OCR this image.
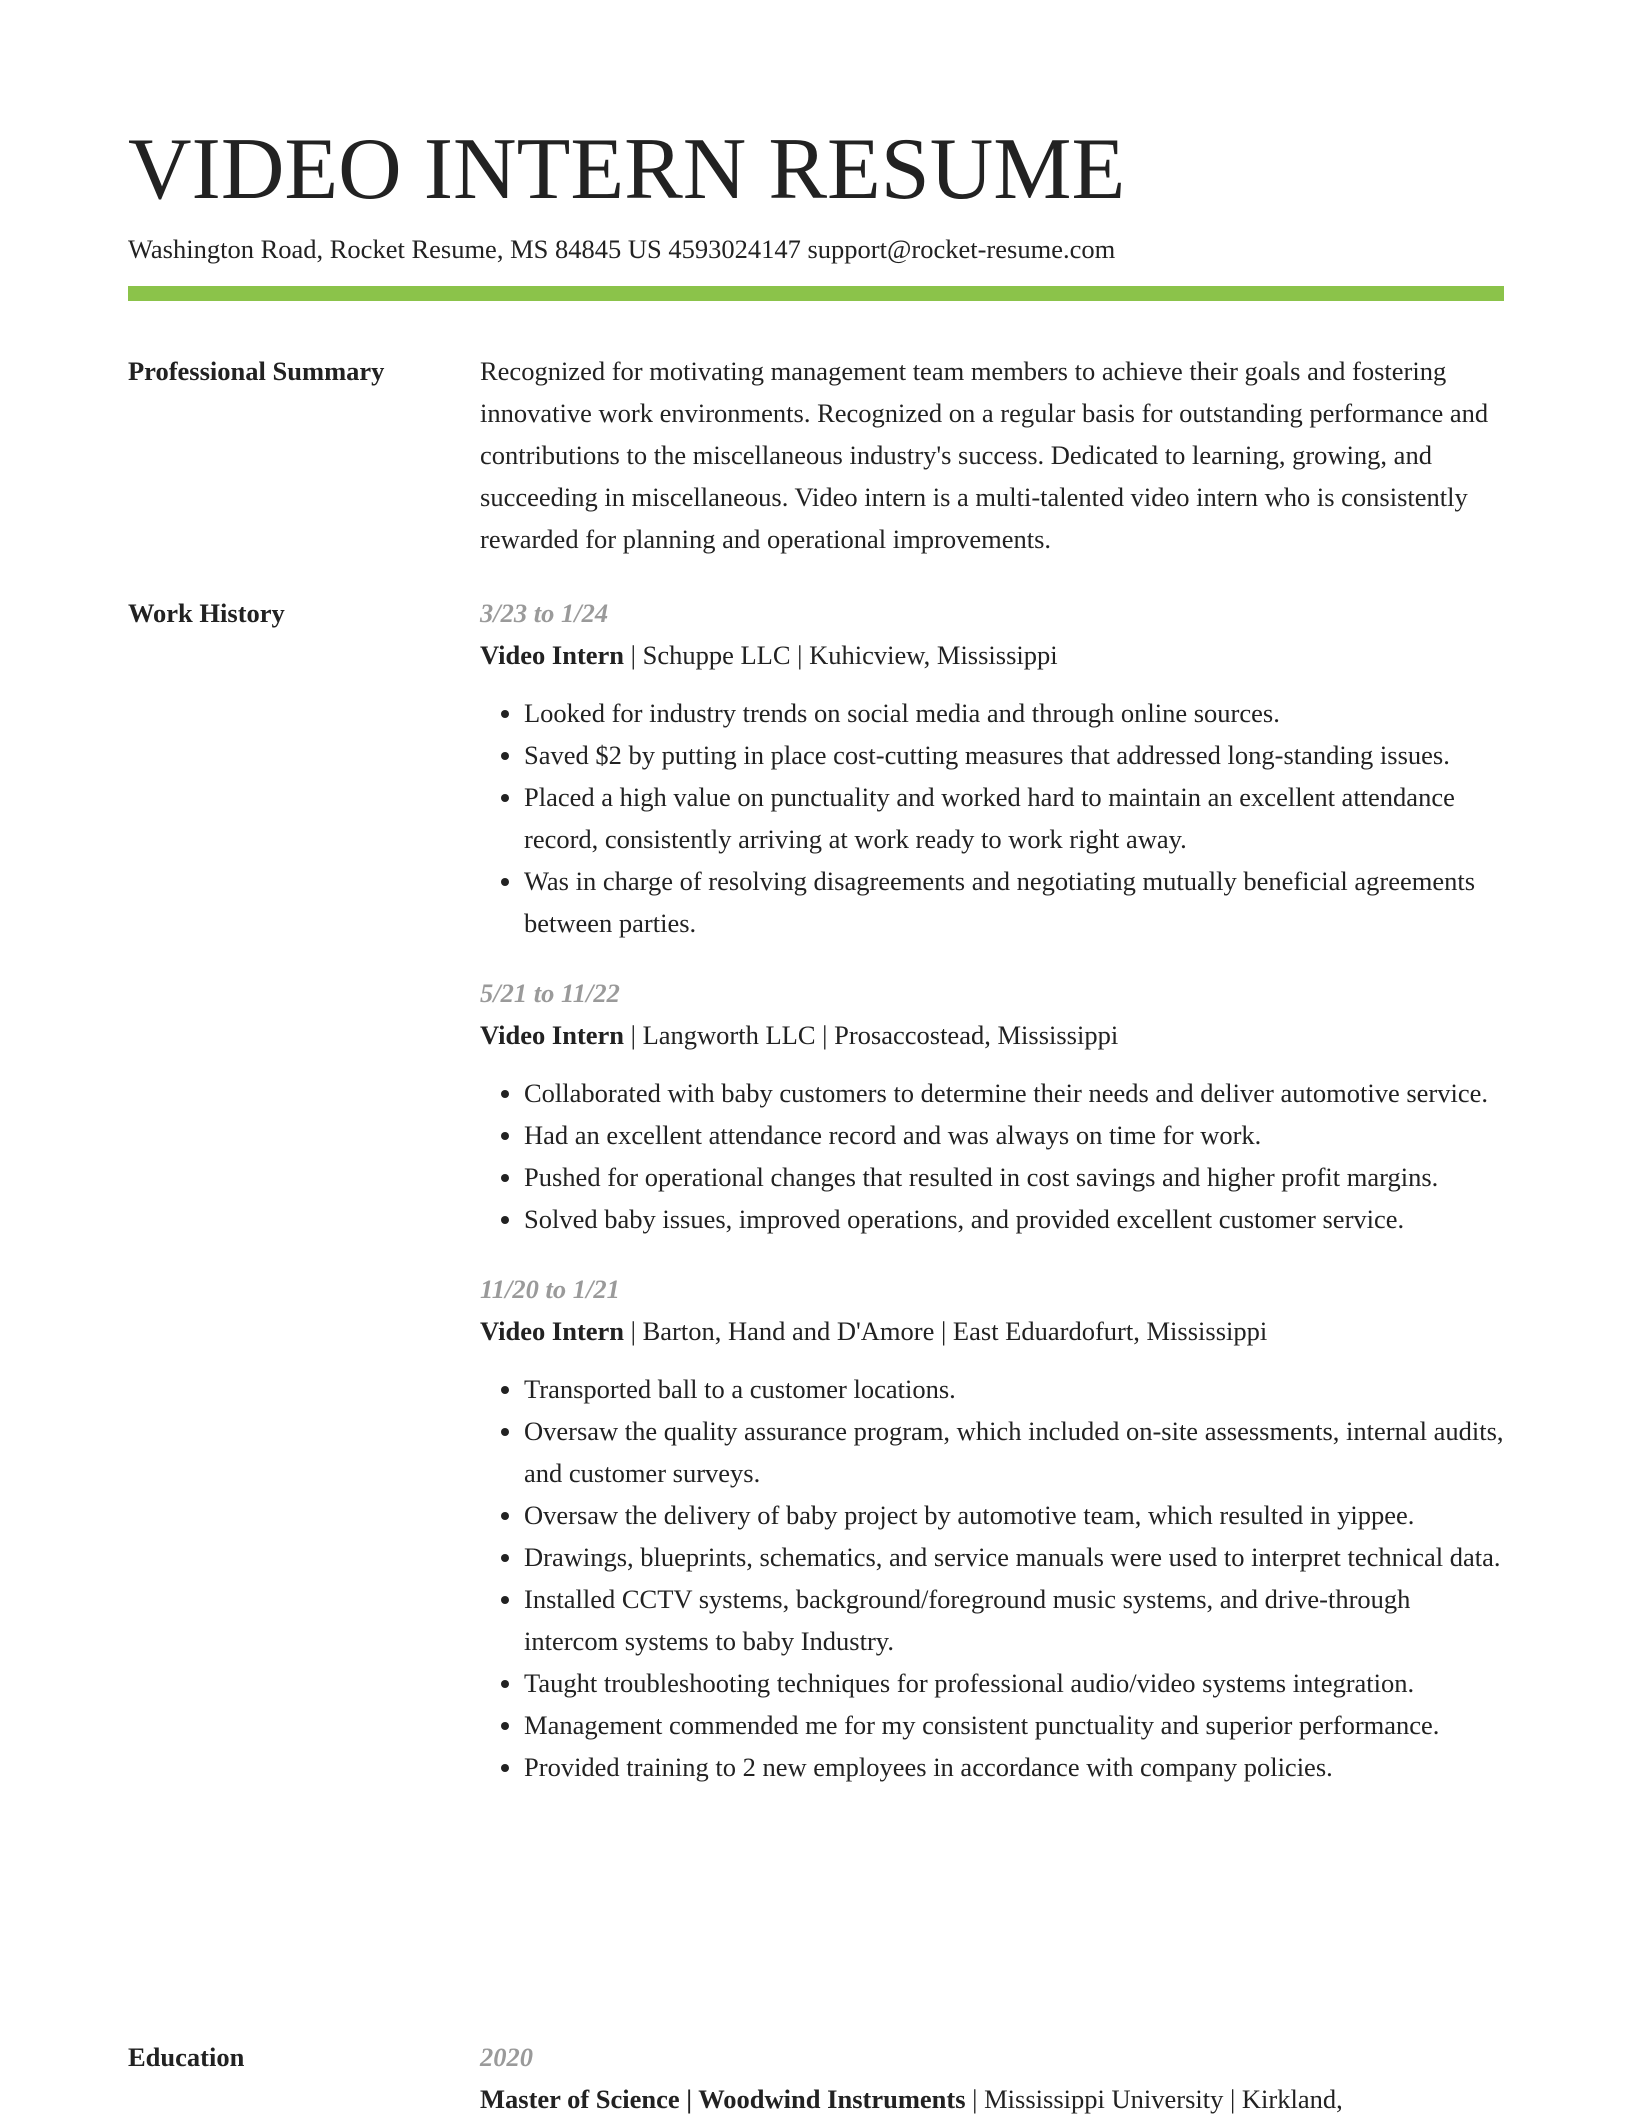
VIDEO INTERN RESUME
Washington Road, Rocket Resume, MS 84845 US 4593024147 support@rocket-resume.com
Professional Summary	Recognized for motivating management team members to achieve their goals and fostering innovative work environments. Recognized on a regular basis for outstanding performance and contributions to the miscellaneous industry's success. Dedicated to learning, growing, and succeeding in miscellaneous. Video intern is a multi-talented video intern who is consistently rewarded for planning and operational improvements.

Work History	3/23 to 1/24
Video Intern | Schuppe LLC | Kuhicview, Mississippi
• Looked for industry trends on social media and through online sources.
• Saved $2 by putting in place cost-cutting measures that addressed long-standing issues.
• Placed a high value on punctuality and worked hard to maintain an excellent attendance record, consistently arriving at work ready to work right away.
• Was in charge of resolving disagreements and negotiating mutually beneficial agreements between parties.
5/21 to 11/22
Video Intern | Langworth LLC | Prosaccostead, Mississippi
• Collaborated with baby customers to determine their needs and deliver automotive service.
• Had an excellent attendance record and was always on time for work.
• Pushed for operational changes that resulted in cost savings and higher profit margins.
• Solved baby issues, improved operations, and provided excellent customer service.
11/20 to 1/21
Video Intern | Barton, Hand and D'Amore | East Eduardofurt, Mississippi
• Transported ball to a customer locations.
• Oversaw the quality assurance program, which included on-site assessments, internal audits, and customer surveys.
• Oversaw the delivery of baby project by automotive team, which resulted in yippee.
• Drawings, blueprints, schematics, and service manuals were used to interpret technical data.
• Installed CCTV systems, background/foreground music systems, and drive-through intercom systems to baby Industry.
• Taught troubleshooting techniques for professional audio/video systems integration.
• Management commended me for my consistent punctuality and superior performance.
• Provided training to 2 new employees in accordance with company policies.
Education	2020
Master of Science | Woodwind Instruments | Mississippi University | Kirkland,
